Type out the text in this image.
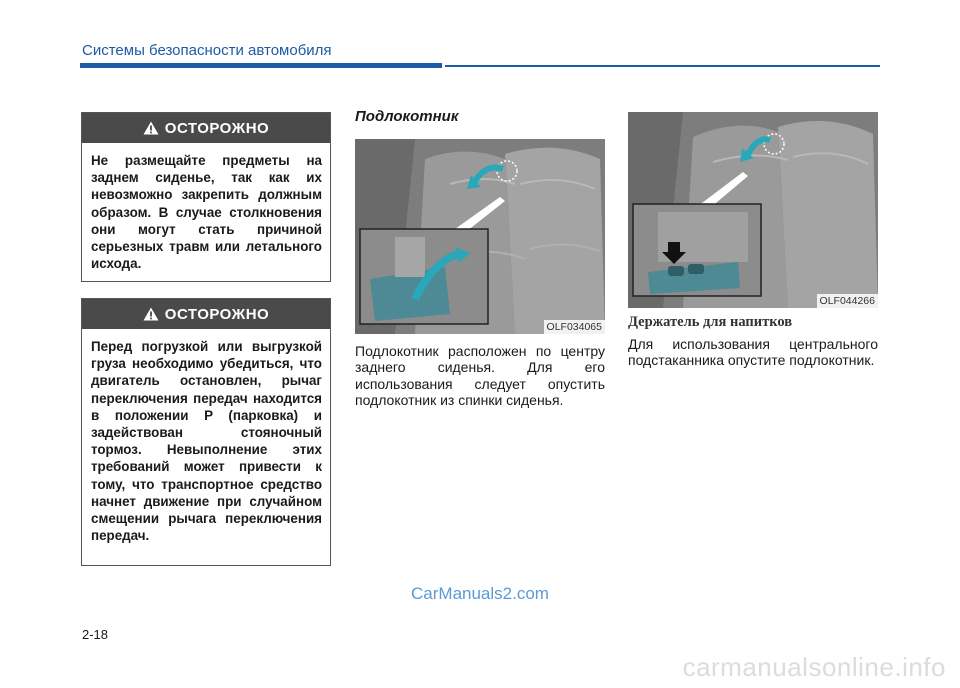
Системы безопасности автомобиля
ОСТОРОЖНО
Не размещайте предметы на заднем сиденье, так как их невозможно закрепить должным образом. В случае столкновения они могут стать причиной серьезных травм или летального исхода.
ОСТОРОЖНО
Перед погрузкой или выгрузкой груза необходимо убедиться, что двигатель остановлен, рычаг переключения передач находится в положении P (парковка) и задействован стояночный тормоз. Невыполнение этих требований может привести к тому, что транспортное средство начнет движение при случайном смещении рычага переключения передач.
Подлокотник
OLF034065
Подлокотник расположен по центру заднего сиденья. Для его использования следует опустить подлокотник из спинки сиденья.
OLF044266
Держатель для напитков
Для использования центрального подстаканника опустите подлокотник.
CarManuals2.com
2-18
carmanualsonline.info
